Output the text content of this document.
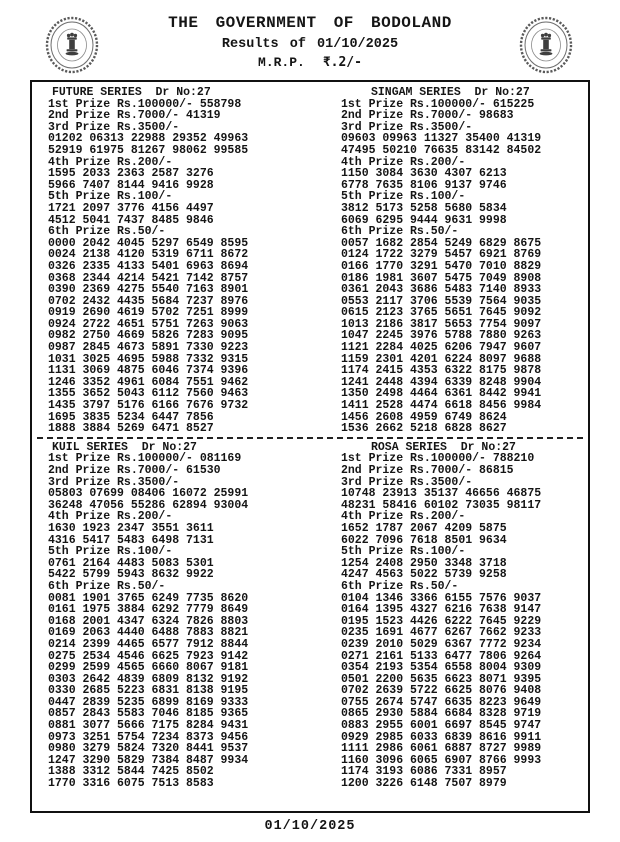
THE GOVERNMENT OF BODOLAND
Results of 01/10/2025
M.R.P. ₹.2/-
FUTURE SERIES  Dr No:27
1st Prize Rs.100000/- 558798
2nd Prize Rs.7000/- 41319
3rd Prize Rs.3500/-
01202 06313 22988 29352 49963
52919 61975 81267 98062 99585
4th Prize Rs.200/-
1595 2033 2363 2587 3276
5966 7407 8144 9416 9928
5th Prize Rs.100/-
1721 2097 3776 4156 4497
4512 5041 7437 8485 9846
6th Prize Rs.50/-
0000 2042 4045 5297 6549 8595
0024 2138 4120 5319 6711 8672
0326 2335 4133 5401 6963 8694
0368 2344 4214 5421 7142 8757
0390 2369 4275 5540 7163 8901
0702 2432 4435 5684 7237 8976
0919 2690 4619 5702 7251 8999
0924 2722 4651 5751 7263 9063
0982 2750 4669 5826 7283 9095
0987 2845 4673 5891 7330 9223
1031 3025 4695 5988 7332 9315
1131 3069 4875 6046 7374 9396
1246 3352 4961 6084 7551 9462
1355 3652 5043 6112 7560 9463
1435 3797 5176 6166 7676 9732
1695 3835 5234 6447 7856
1888 3884 5269 6471 8527
SINGAM SERIES  Dr No:27
1st Prize Rs.100000/- 615225
2nd Prize Rs.7000/- 98683
3rd Prize Rs.3500/-
09603 09963 11327 35400 41319
47495 50210 76635 83142 84502
4th Prize Rs.200/-
1150 3084 3630 4307 6213
6778 7635 8106 9137 9746
5th Prize Rs.100/-
3812 5173 5258 5680 5834
6069 6295 9444 9631 9998
6th Prize Rs.50/-
0057 1682 2854 5249 6829 8675
0124 1722 3279 5457 6921 8769
0166 1770 3291 5470 7010 8829
0186 1981 3607 5475 7049 8908
0361 2043 3686 5483 7140 8933
0553 2117 3706 5539 7564 9035
0615 2123 3765 5651 7645 9092
1013 2186 3817 5653 7754 9097
1047 2245 3976 5788 7880 9263
1121 2284 4025 6206 7947 9607
1159 2301 4201 6224 8097 9688
1174 2415 4353 6322 8175 9878
1241 2448 4394 6339 8248 9904
1350 2498 4464 6361 8442 9941
1411 2528 4474 6618 8456 9984
1456 2608 4959 6749 8624
1536 2662 5218 6828 8627
KUIL SERIES  Dr No:27
1st Prize Rs.100000/- 081169
2nd Prize Rs.7000/- 61530
3rd Prize Rs.3500/-
05803 07699 08406 16072 25991
36248 47056 55286 62894 93004
4th Prize Rs.200/-
1630 1923 2347 3551 3611
4316 5417 5483 6498 7131
5th Prize Rs.100/-
0761 2164 4483 5083 5301
5422 5799 5943 8632 9922
6th Prize Rs.50/-
0081 1901 3765 6249 7735 8620
0161 1975 3884 6292 7779 8649
0168 2001 4347 6324 7826 8803
0169 2063 4440 6488 7883 8821
0214 2399 4465 6577 7912 8844
0275 2534 4546 6625 7923 9142
0299 2599 4565 6660 8067 9181
0303 2642 4839 6809 8132 9192
0330 2685 5223 6831 8138 9195
0447 2839 5235 6899 8169 9333
0857 2843 5583 7046 8185 9365
0881 3077 5666 7175 8284 9431
0973 3251 5754 7234 8373 9456
0980 3279 5824 7320 8441 9537
1247 3290 5829 7384 8487 9934
1388 3312 5844 7425 8502
1770 3316 6075 7513 8583
ROSA SERIES  Dr No:27
1st Prize Rs.100000/- 788210
2nd Prize Rs.7000/- 86815
3rd Prize Rs.3500/-
10748 23913 35137 46656 46875
48231 58416 60102 73035 98117
4th Prize Rs.200/-
1652 1787 2067 4209 5875
6022 7096 7618 8501 9634
5th Prize Rs.100/-
1254 2408 2950 3348 3718
4247 4563 5022 5739 9258
6th Prize Rs.50/-
0104 1346 3366 6155 7576 9037
0164 1395 4327 6216 7638 9147
0195 1523 4426 6222 7645 9229
0235 1691 4677 6267 7662 9233
0239 2010 5029 6367 7772 9234
0271 2161 5133 6477 7806 9264
0354 2193 5354 6558 8004 9309
0501 2200 5635 6623 8071 9395
0702 2639 5722 6625 8076 9408
0755 2674 5747 6635 8223 9649
0865 2930 5884 6684 8328 9719
0883 2955 6001 6697 8545 9747
0929 2985 6033 6839 8616 9911
1111 2986 6061 6887 8727 9989
1160 3096 6065 6907 8766 9993
1174 3193 6086 7331 8957
1200 3226 6148 7507 8979
01/10/2025
